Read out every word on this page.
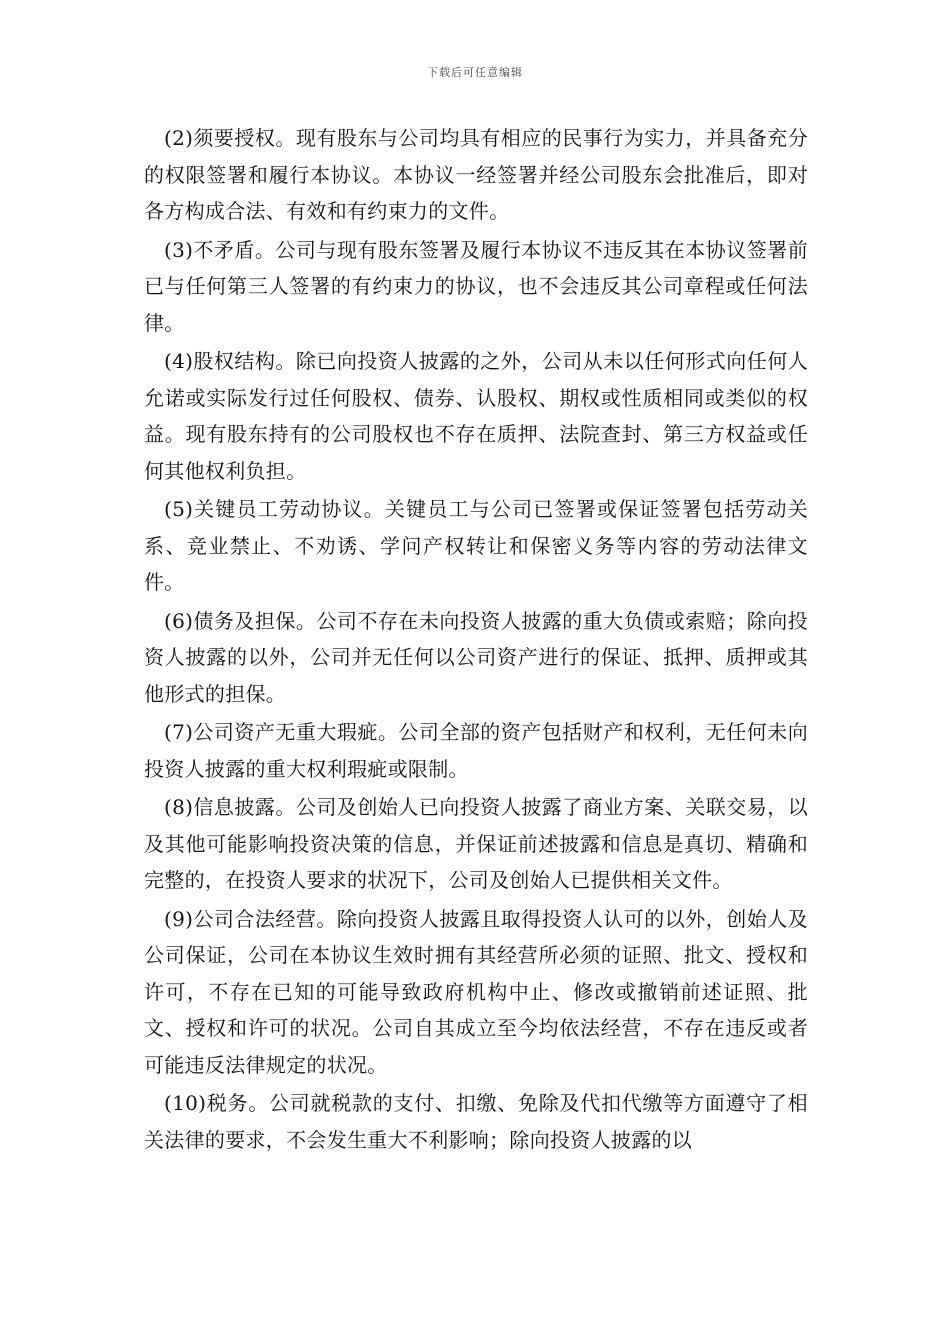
下载后可任意编辑

(2)须要授权。现有股东与公司均具有相应的民事行为实力，并具备充分的权限签署和履行本协议。本协议一经签署并经公司股东会批准后，即对各方构成合法、有效和有约束力的文件。

(3)不矛盾。公司与现有股东签署及履行本协议不违反其在本协议签署前已与任何第三人签署的有约束力的协议，也不会违反其公司章程或任何法律。

(4)股权结构。除已向投资人披露的之外，公司从未以任何形式向任何人允诺或实际发行过任何股权、债券、认股权、期权或性质相同或类似的权益。现有股东持有的公司股权也不存在质押、法院查封、第三方权益或任何其他权利负担。

(5)关键员工劳动协议。关键员工与公司已签署或保证签署包括劳动关系、竞业禁止、不劝诱、学问产权转让和保密义务等内容的劳动法律文件。

(6)债务及担保。公司不存在未向投资人披露的重大负债或索赔；除向投资人披露的以外，公司并无任何以公司资产进行的保证、抵押、质押或其他形式的担保。

(7)公司资产无重大瑕疵。公司全部的资产包括财产和权利，无任何未向投资人披露的重大权利瑕疵或限制。

(8)信息披露。公司及创始人已向投资人披露了商业方案、关联交易，以及其他可能影响投资决策的信息，并保证前述披露和信息是真切、精确和完整的，在投资人要求的状况下，公司及创始人已提供相关文件。

(9)公司合法经营。除向投资人披露且取得投资人认可的以外，创始人及公司保证，公司在本协议生效时拥有其经营所必须的证照、批文、授权和许可，不存在已知的可能导致政府机构中止、修改或撤销前述证照、批文、授权和许可的状况。公司自其成立至今均依法经营，不存在违反或者可能违反法律规定的状况。

(10)税务。公司就税款的支付、扣缴、免除及代扣代缴等方面遵守了相关法律的要求，不会发生重大不利影响；除向投资人披露的以
